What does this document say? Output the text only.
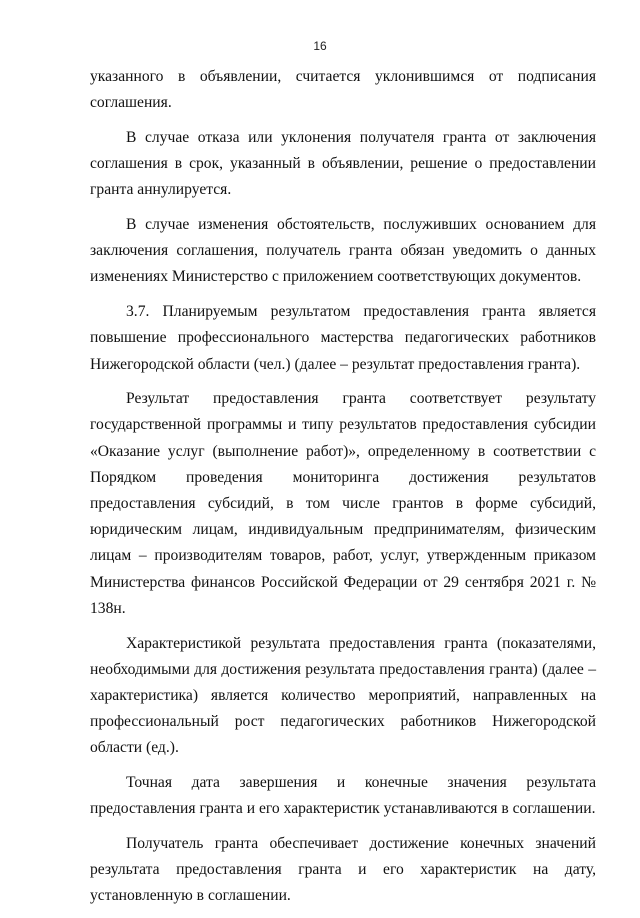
16

указанного в объявлении, считается уклонившимся от подписания соглашения.

В случае отказа или уклонения получателя гранта от заключения соглашения в срок, указанный в объявлении, решение о предоставлении гранта аннулируется.

В случае изменения обстоятельств, послуживших основанием для заключения соглашения, получатель гранта обязан уведомить о данных изменениях Министерство с приложением соответствующих документов.

3.7. Планируемым результатом предоставления гранта является повышение профессионального мастерства педагогических работников Нижегородской области (чел.) (далее – результат предоставления гранта).

Результат предоставления гранта соответствует результату государственной программы и типу результатов предоставления субсидии «Оказание услуг (выполнение работ)», определенному в соответствии с Порядком проведения мониторинга достижения результатов предоставления субсидий, в том числе грантов в форме субсидий, юридическим лицам, индивидуальным предпринимателям, физическим лицам – производителям товаров, работ, услуг, утвержденным приказом Министерства финансов Российской Федерации от 29 сентября 2021 г. № 138н.

Характеристикой результата предоставления гранта (показателями, необходимыми для достижения результата предоставления гранта) (далее – характеристика) является количество мероприятий, направленных на профессиональный рост педагогических работников Нижегородской области (ед.).

Точная дата завершения и конечные значения результата предоставления гранта и его характеристик устанавливаются в соглашении.

Получатель гранта обеспечивает достижение конечных значений результата предоставления гранта и его характеристик на дату, установленную в соглашении.
